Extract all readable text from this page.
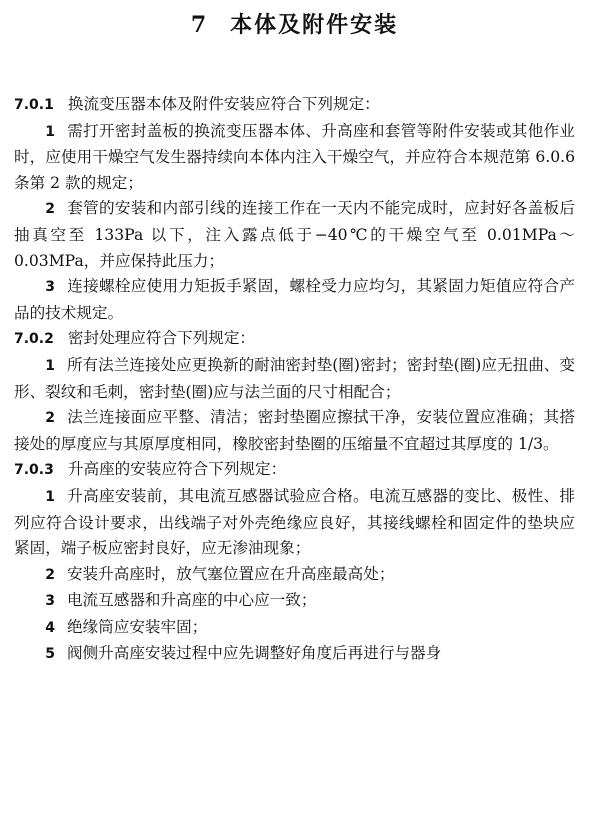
7 本体及附件安装

7.0.1 换流变压器本体及附件安装应符合下列规定：

1 需打开密封盖板的换流变压器本体、升高座和套管等附件安装或其他作业时，应使用干燥空气发生器持续向本体内注入干燥空气，并应符合本规范第 6.0.6 条第 2 款的规定；

2 套管的安装和内部引线的连接工作在一天内不能完成时，应封好各盖板后抽真空至 133Pa 以下，注入露点低于−40℃的干燥空气至 0.01MPa～0.03MPa，并应保持此压力；

3 连接螺栓应使用力矩扳手紧固，螺栓受力应均匀，其紧固力矩值应符合产品的技术规定。

7.0.2 密封处理应符合下列规定：

1 所有法兰连接处应更换新的耐油密封垫(圈)密封；密封垫(圈)应无扭曲、变形、裂纹和毛刺，密封垫(圈)应与法兰面的尺寸相配合；

2 法兰连接面应平整、清洁；密封垫圈应擦拭干净，安装位置应准确；其搭接处的厚度应与其原厚度相同，橡胶密封垫圈的压缩量不宜超过其厚度的 1/3。

7.0.3 升高座的安装应符合下列规定：

1 升高座安装前，其电流互感器试验应合格。电流互感器的变比、极性、排列应符合设计要求，出线端子对外壳绝缘应良好，其接线螺栓和固定件的垫块应紧固，端子板应密封良好，应无渗油现象；

2 安装升高座时，放气塞位置应在升高座最高处；

3 电流互感器和升高座的中心应一致；

4 绝缘筒应安装牢固；

5 阀侧升高座安装过程中应先调整好角度后再进行与器身
